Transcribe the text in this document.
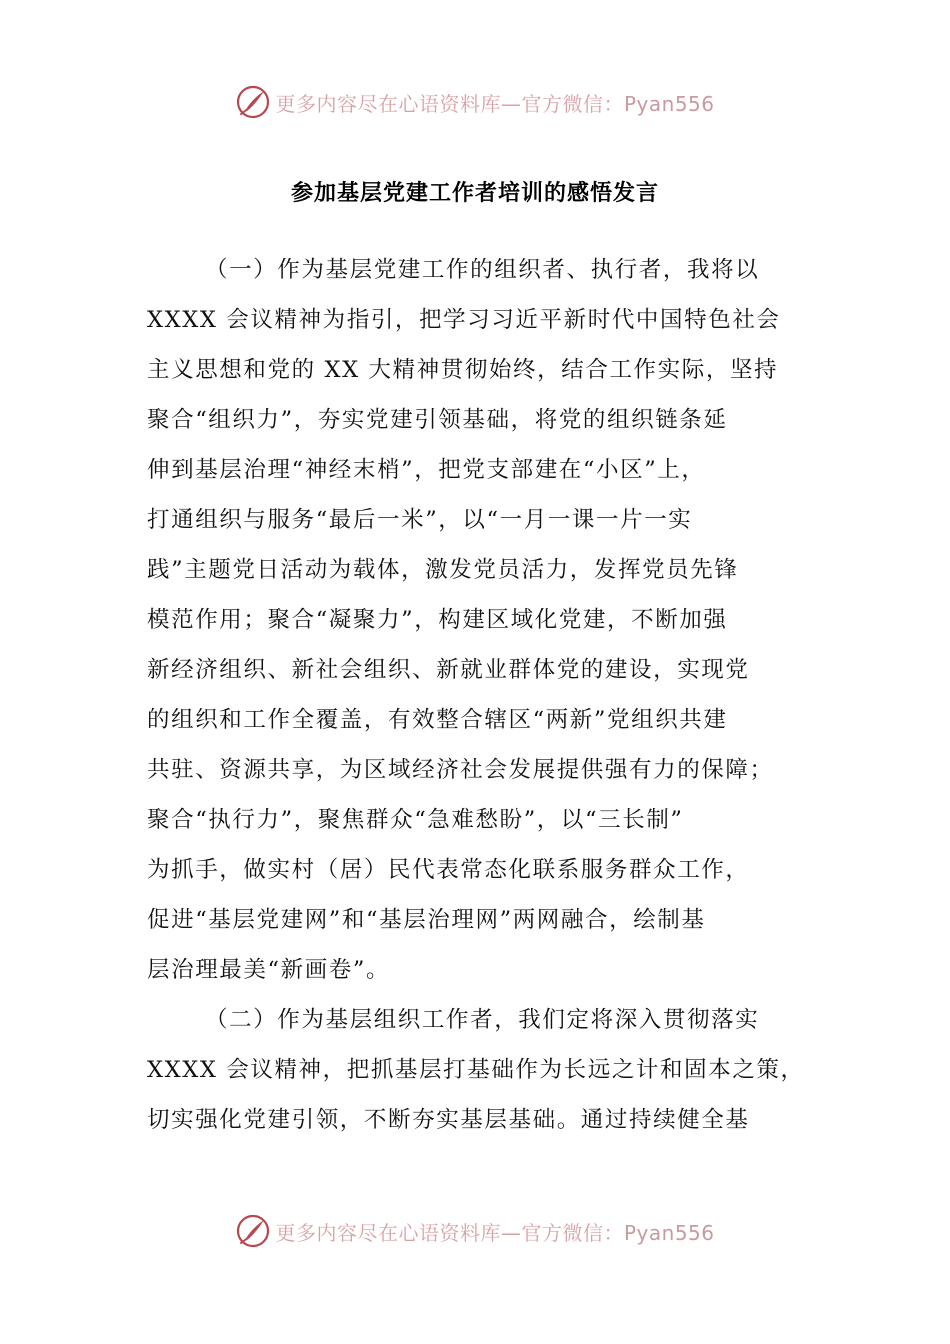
更多内容尽在心语资料库—官方微信：Pyan556
参加基层党建工作者培训的感悟发言
（一）作为基层党建工作的组织者、执行者，我将以
XXXX 会议精神为指引，把学习习近平新时代中国特色社会
主义思想和党的 XX 大精神贯彻始终，结合工作实际，坚持
聚合“组织力”，夯实党建引领基础，将党的组织链条延
伸到基层治理“神经末梢”，把党支部建在“小区”上，
打通组织与服务“最后一米”，以“一月一课一片一实
践”主题党日活动为载体，激发党员活力，发挥党员先锋
模范作用；聚合“凝聚力”，构建区域化党建，不断加强
新经济组织、新社会组织、新就业群体党的建设，实现党
的组织和工作全覆盖，有效整合辖区“两新”党组织共建
共驻、资源共享，为区域经济社会发展提供强有力的保障；
聚合“执行力”，聚焦群众“急难愁盼”，以“三长制”
为抓手，做实村（居）民代表常态化联系服务群众工作，
促进“基层党建网”和“基层治理网”两网融合，绘制基
层治理最美“新画卷”。
（二）作为基层组织工作者，我们定将深入贯彻落实
XXXX 会议精神，把抓基层打基础作为长远之计和固本之策，
切实强化党建引领，不断夯实基层基础。通过持续健全基
更多内容尽在心语资料库—官方微信：Pyan556
